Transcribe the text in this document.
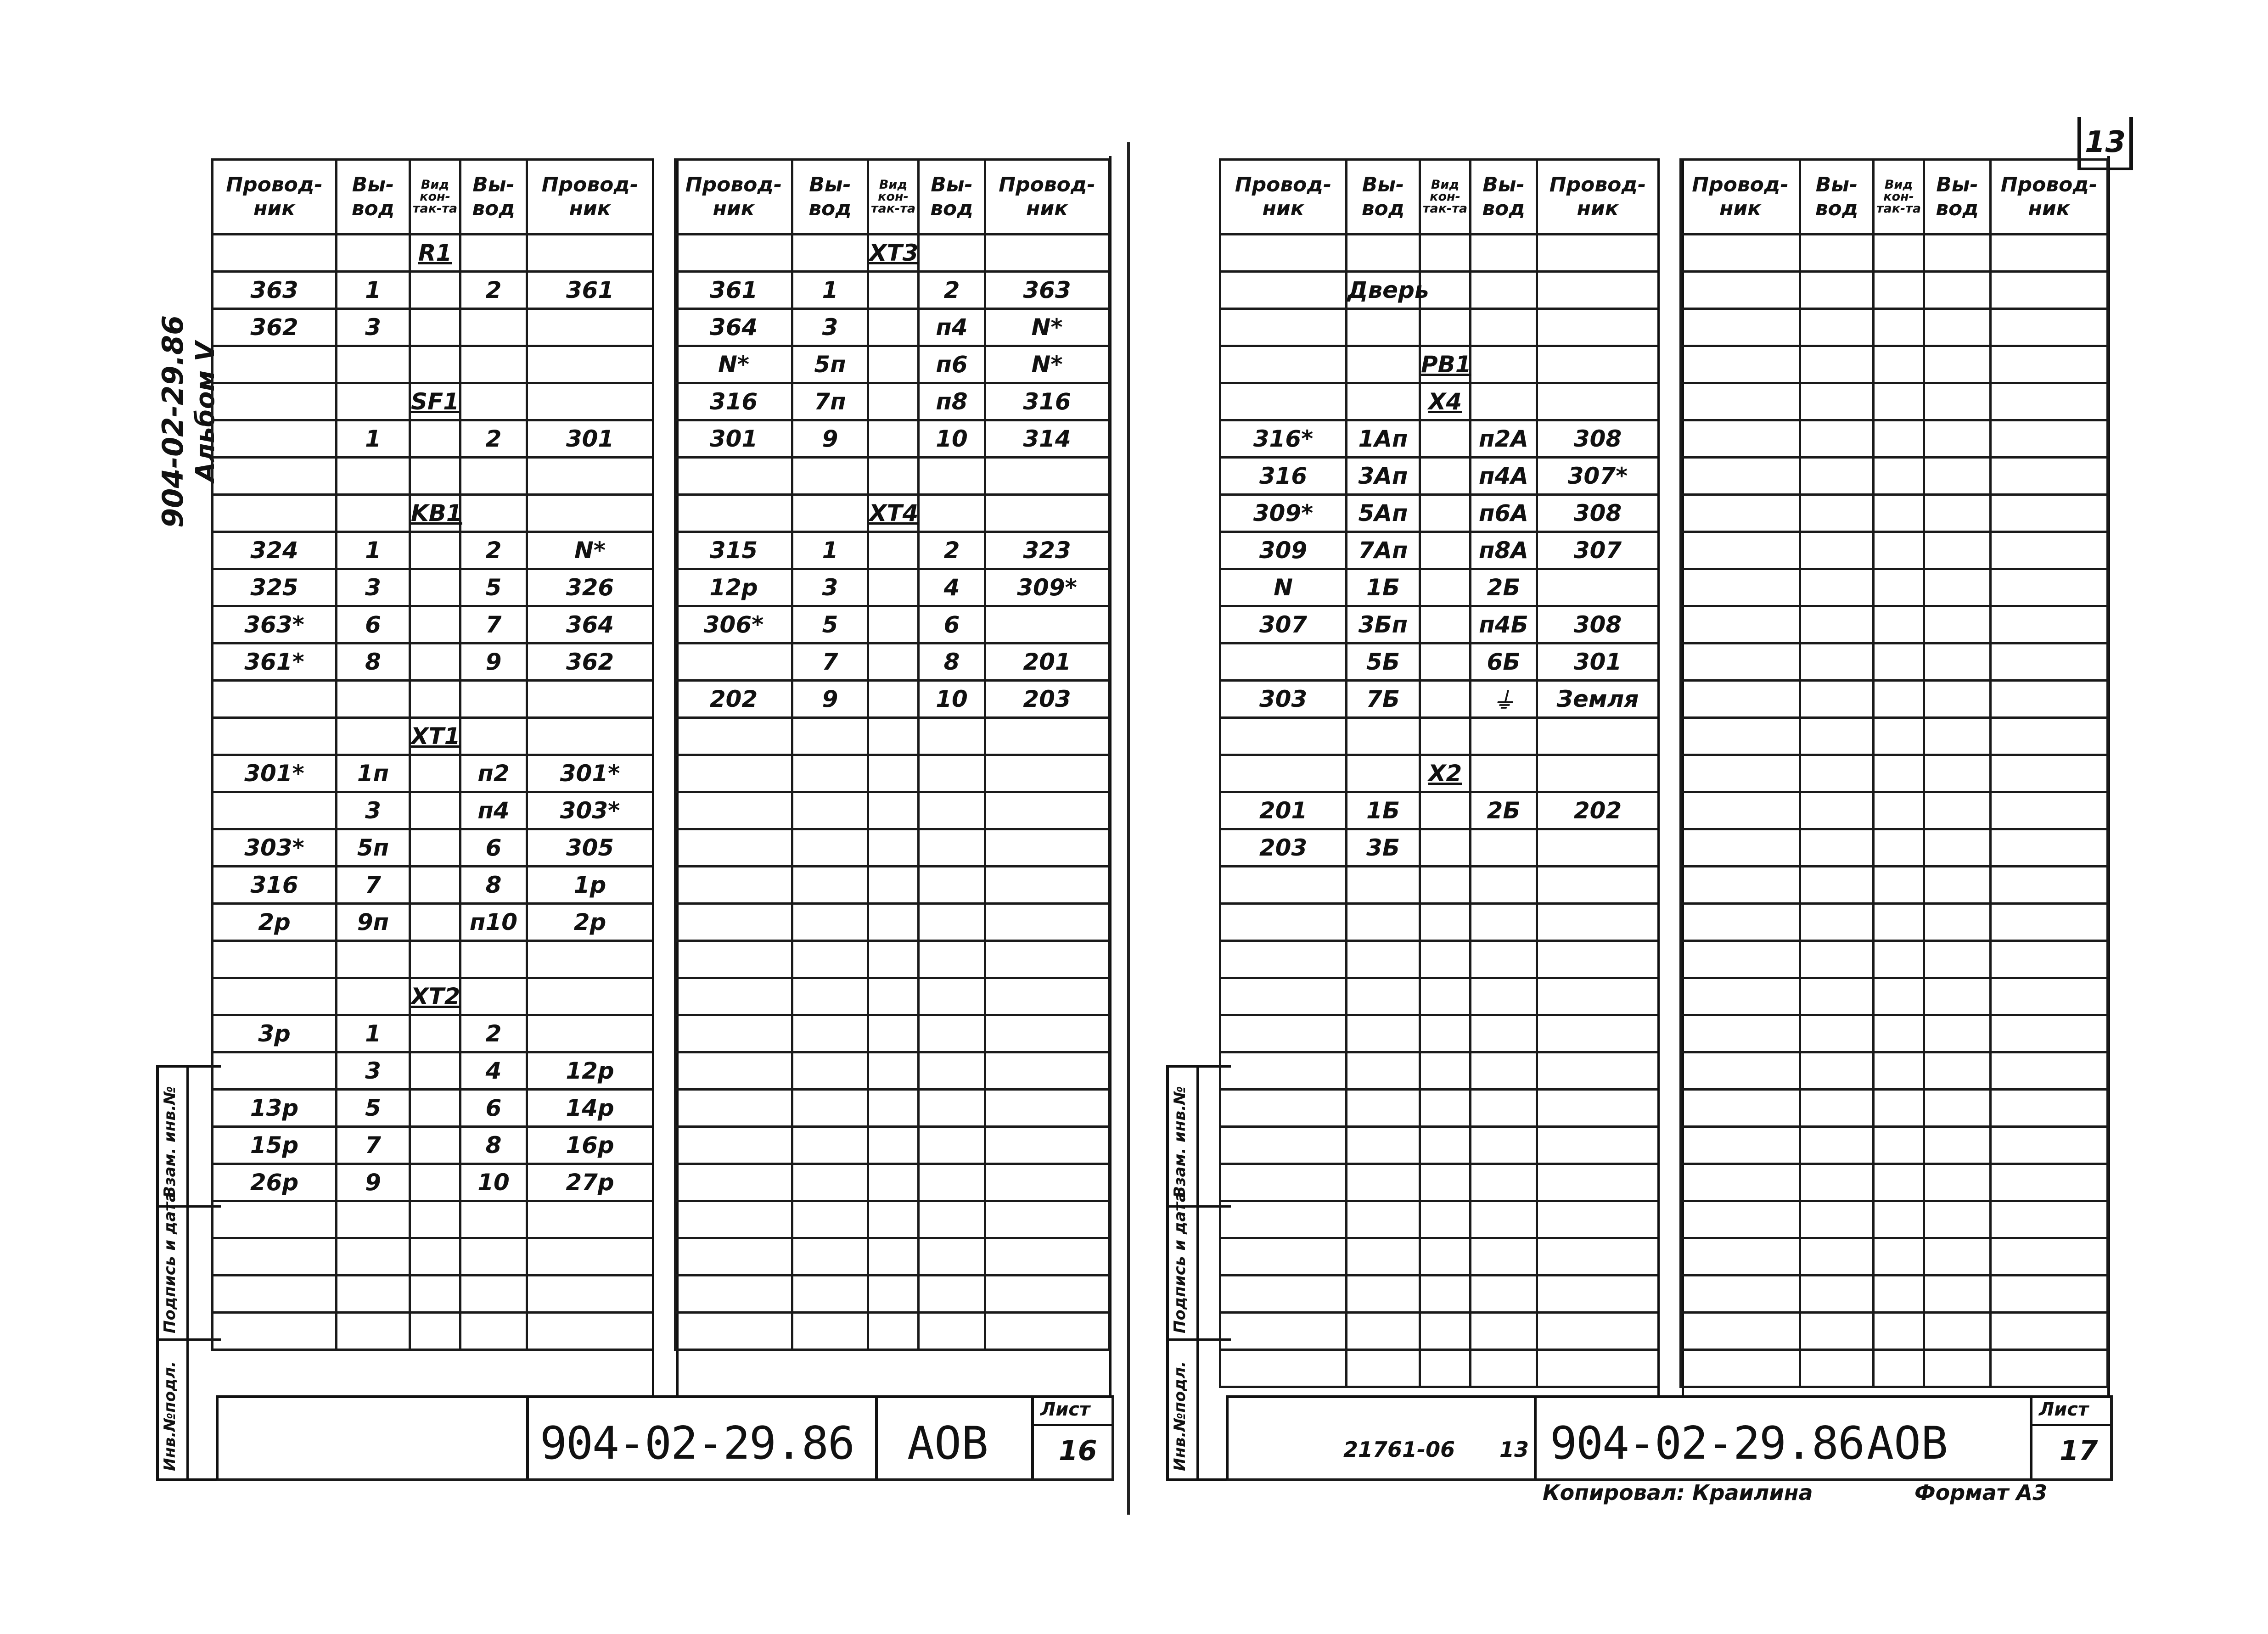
13
904-02-29.86 Альбом V
Инв.№подл.
Подпись и дата
Взам. инв.№
Провод-ник	Вы-вод	Вид кон-так-та	Вы-вод	Провод-ник
		R1		
363	1		2	361
362	3			

		SF1		
	1		2	301

		KB1		
324	1		2	N*
325	3		5	326
363*	6		7	364
361*	8		9	362

		XT1		
301*	1п		п2	301*
	3		п4	303*
303*	5п		6	305
316	7		8	1р
2р	9п		п10	2р

		XT2		
3р	1		2	
	3		4	12р
13р	5		6	14р
15р	7		8	16р
26р	9		10	27р

Провод-ник	Вы-вод	Вид кон-так-та	Вы-вод	Провод-ник
		XT3		
361	1		2	363
364	3		п4	N*
N*	5п		п6	N*
316	7п		п8	316
301	9		10	314

		XT4		
315	1		2	323
12р	3		4	309*
306*	5		6	
	7		8	201
202	9		10	203

904-02-29.86 АОВ
Лист
16	Инв.№подл.
Подпись и дата
Взам. инв.№
Провод-ник	Вы-вод	Вид кон-так-та	Вы-вод	Провод-ник

	Дверь			

		PB1		
		X4		
316*	1Ап		п2А	308
316	3Ап		п4А	307*
309*	5Ап		п6А	308
309	7Ап		п8А	307
N	1Б		2Б	
307	3Бп		п4Б	308
	5Б		6Б	301
303	7Б		⏚	Земля

		X2		
201	1Б		2Б	202
203	3Б			

Провод-ник	Вы-вод	Вид кон-так-та	Вы-вод	Провод-ник

21761-06 13 904-02-29.86 АОВ
Лист
17
Копировал: Краилина	Формат А3
